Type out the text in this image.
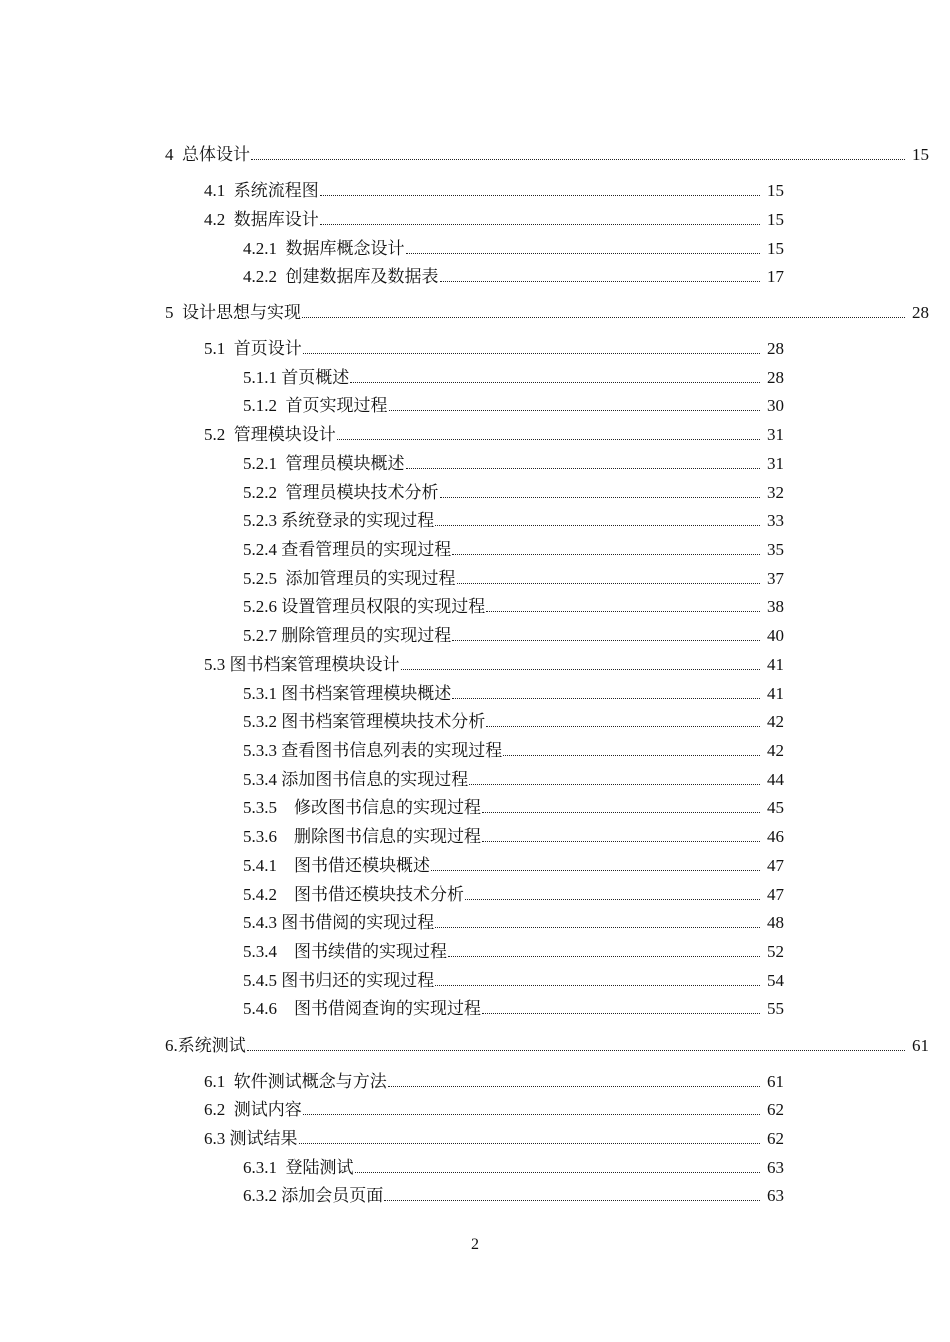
4  总体设计	15
4.1  系统流程图	15
4.2  数据库设计	15
4.2.1  数据库概念设计	15
4.2.2  创建数据库及数据表	17
5  设计思想与实现	28
5.1  首页设计	28
5.1.1 首页概述	28
5.1.2  首页实现过程	30
5.2  管理模块设计	31
5.2.1  管理员模块概述	31
5.2.2  管理员模块技术分析	32
5.2.3 系统登录的实现过程	33
5.2.4 查看管理员的实现过程	35
5.2.5  添加管理员的实现过程	37
5.2.6 设置管理员权限的实现过程	38
5.2.7 删除管理员的实现过程	40
5.3 图书档案管理模块设计	41
5.3.1 图书档案管理模块概述	41
5.3.2 图书档案管理模块技术分析	42
5.3.3 查看图书信息列表的实现过程	42
5.3.4 添加图书信息的实现过程	44
5.3.5    修改图书信息的实现过程	45
5.3.6    删除图书信息的实现过程	46
5.4.1    图书借还模块概述	47
5.4.2    图书借还模块技术分析	47
5.4.3 图书借阅的实现过程	48
5.3.4    图书续借的实现过程	52
5.4.5 图书归还的实现过程	54
5.4.6    图书借阅查询的实现过程	55
6.系统测试	61
6.1  软件测试概念与方法	61
6.2  测试内容	62
6.3 测试结果	62
6.3.1  登陆测试	63
6.3.2 添加会员页面	63
2
